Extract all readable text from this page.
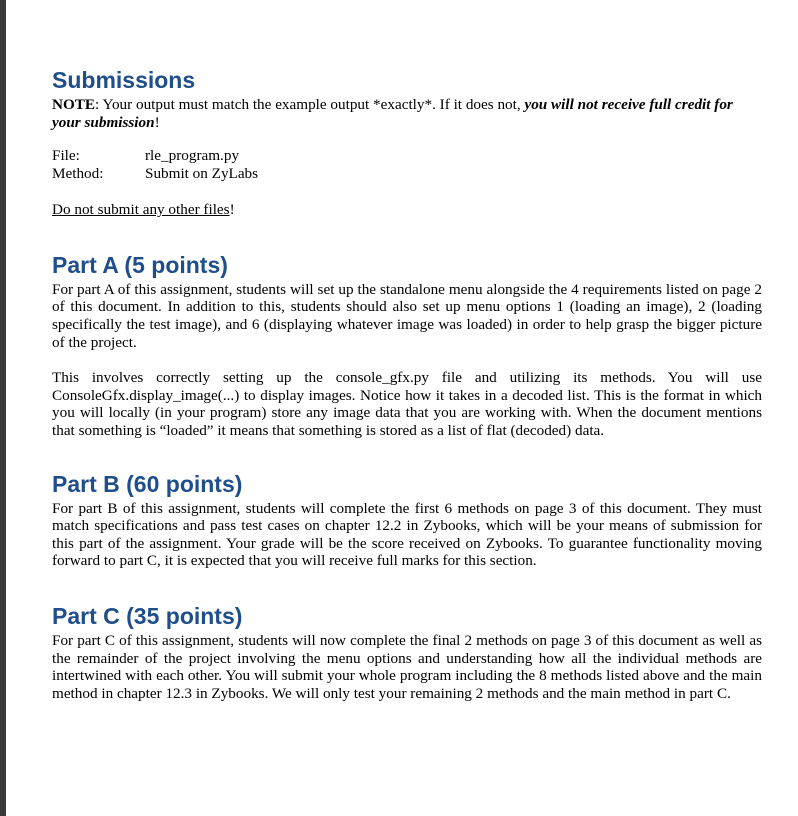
Submissions

NOTE: Your output must match the example output *exactly*. If it does not, you will not receive full credit for your submission!

File:	rle_program.py
Method:	Submit on ZyLabs

Do not submit any other files!

Part A (5 points)

For part A of this assignment, students will set up the standalone menu alongside the 4 requirements listed on page 2 of this document. In addition to this, students should also set up menu options 1 (loading an image), 2 (loading specifically the test image), and 6 (displaying whatever image was loaded) in order to help grasp the bigger picture of the project.

This involves correctly setting up the console_gfx.py file and utilizing its methods. You will use ConsoleGfx.display_image(...) to display images. Notice how it takes in a decoded list. This is the format in which you will locally (in your program) store any image data that you are working with. When the document mentions that something is “loaded” it means that something is stored as a list of flat (decoded) data.

Part B (60 points)

For part B of this assignment, students will complete the first 6 methods on page 3 of this document. They must match specifications and pass test cases on chapter 12.2 in Zybooks, which will be your means of submission for this part of the assignment. Your grade will be the score received on Zybooks. To guarantee functionality moving forward to part C, it is expected that you will receive full marks for this section.

Part C (35 points)

For part C of this assignment, students will now complete the final 2 methods on page 3 of this document as well as the remainder of the project involving the menu options and understanding how all the individual methods are intertwined with each other. You will submit your whole program including the 8 methods listed above and the main method in chapter 12.3 in Zybooks. We will only test your remaining 2 methods and the main method in part C.
